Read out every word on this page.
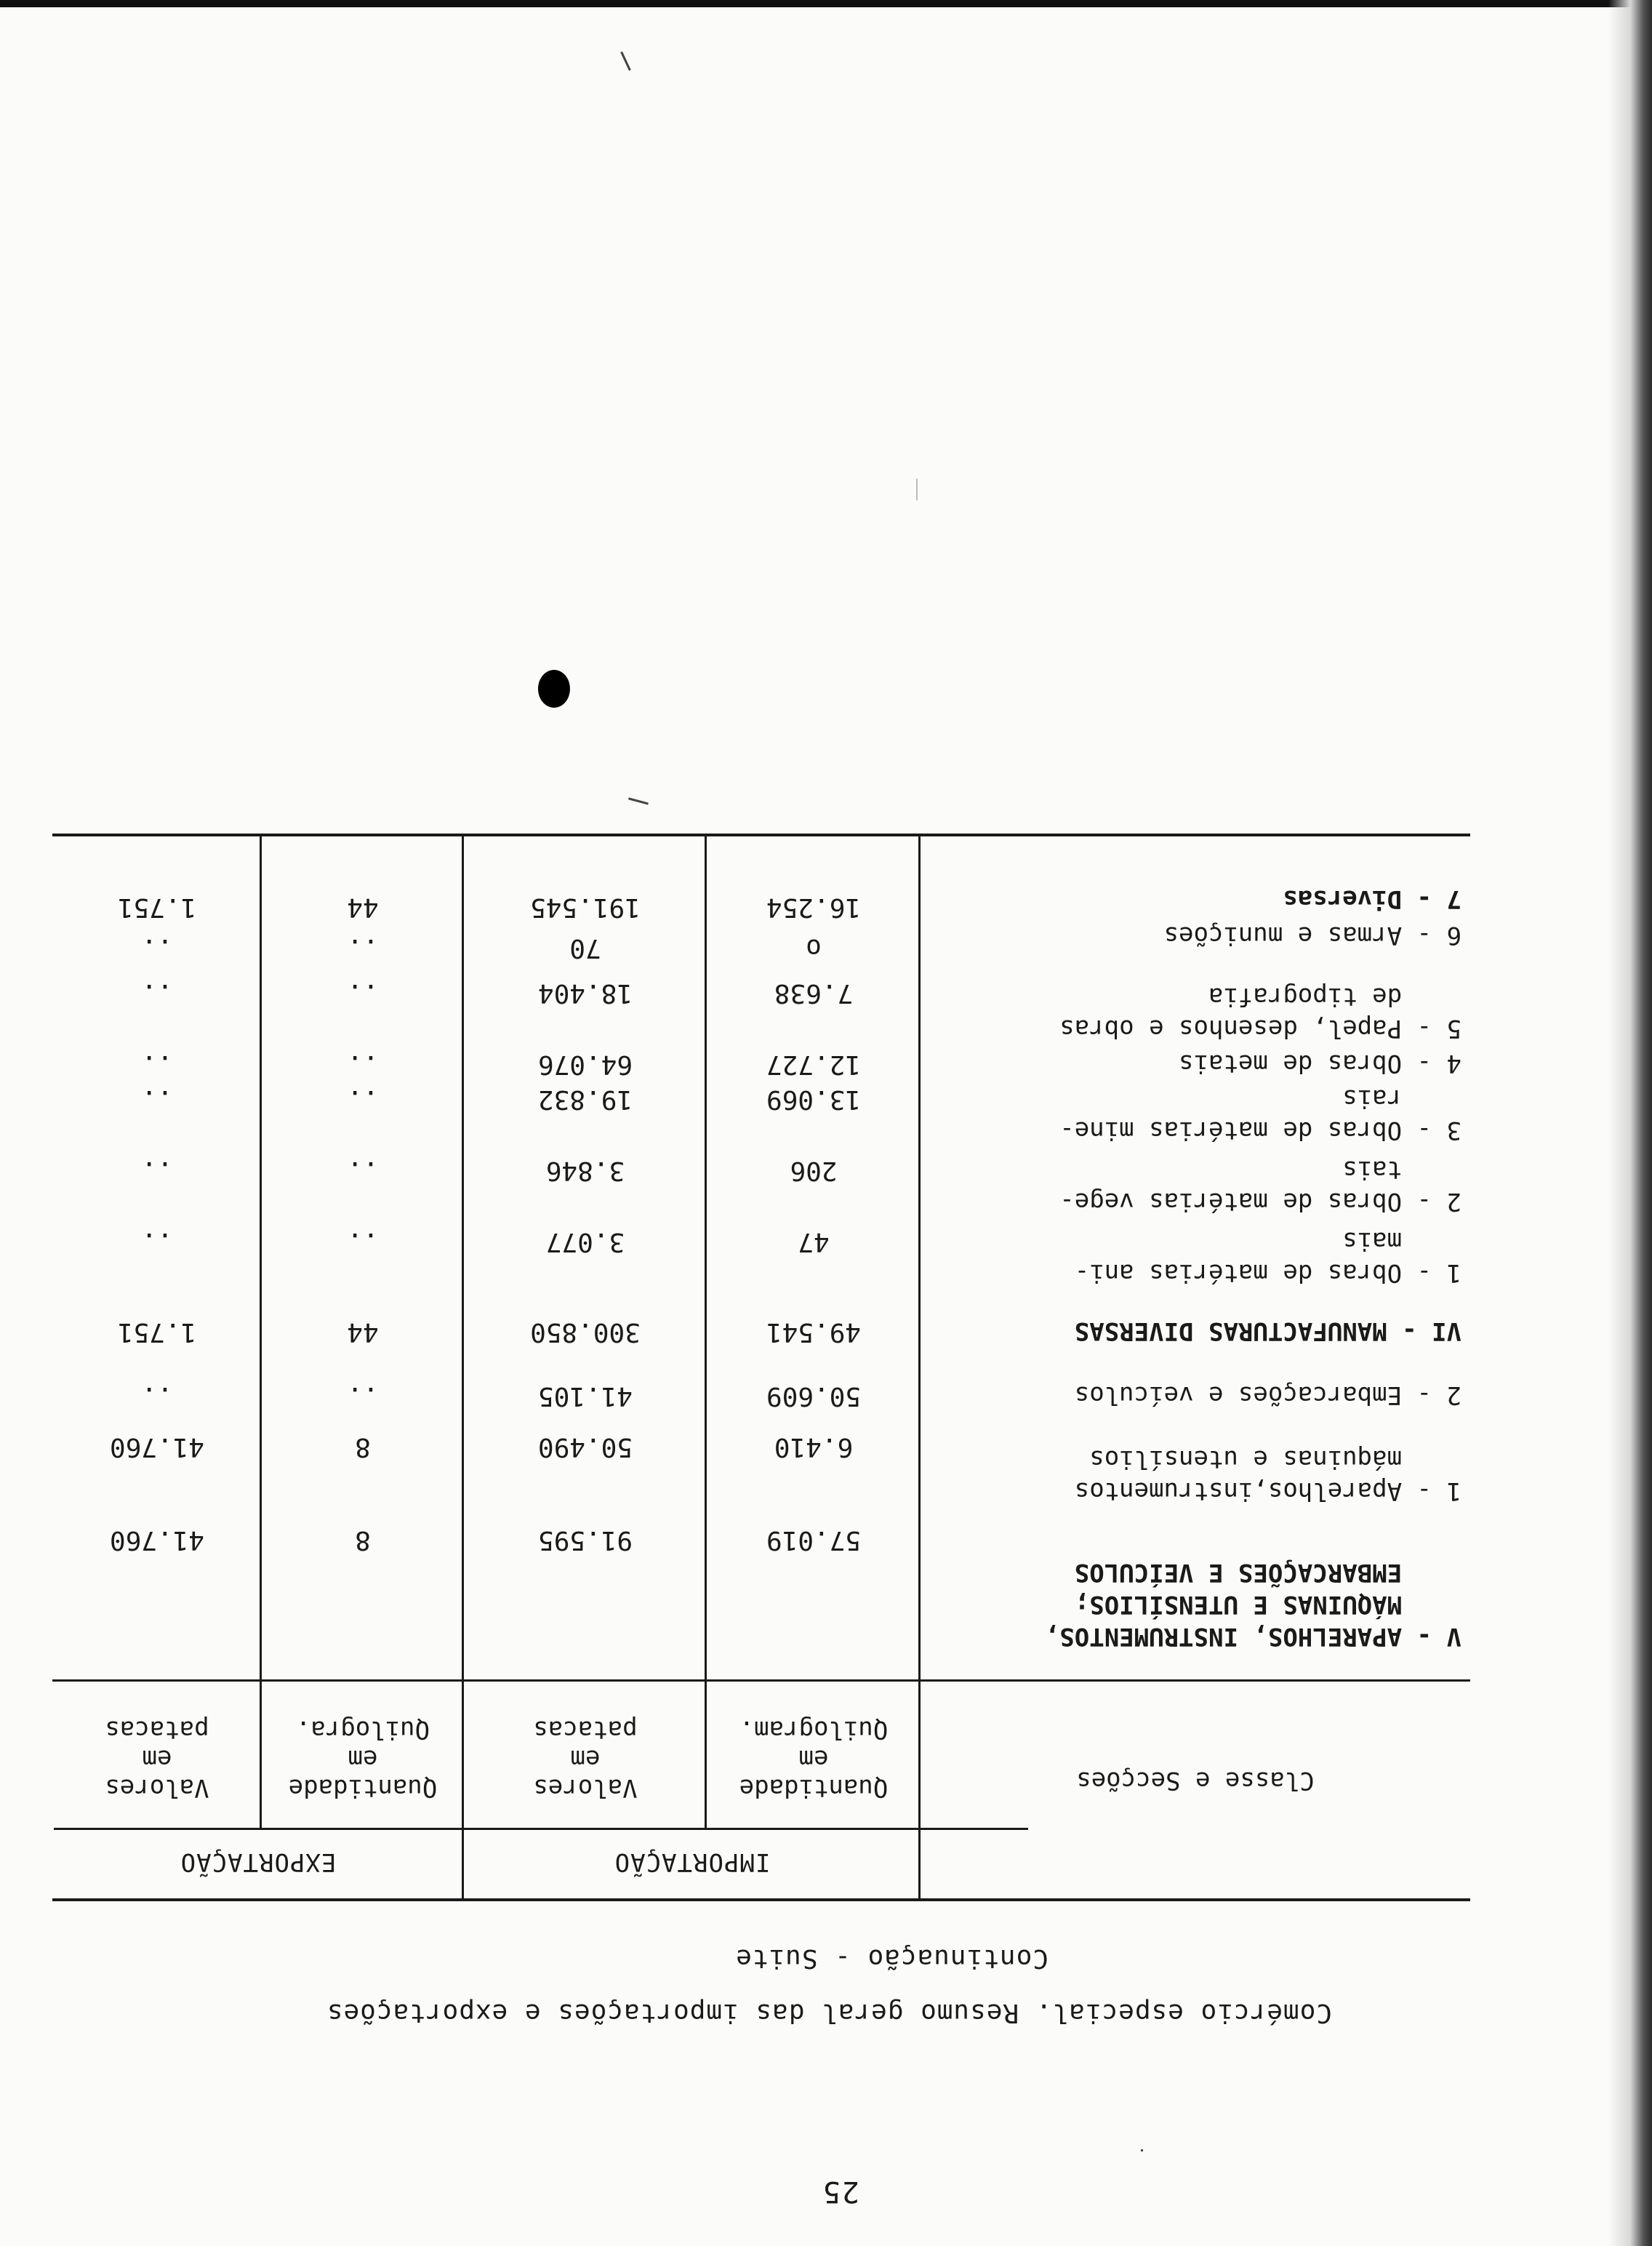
25
Comércio especial. Resumo geral das importações e exportações
Continuação - Suite
IMPORTAÇÃO
EXPORTAÇÃO
Classe e Secções
Quantidade
em
Quilogram.
Valores
em
patacas
Quantidade
em
Quilogra.
Valores
em
patacas
V - APARELHOS, INSTRUMENTOS,
MÁQUINAS E UTENSÍLIOS;
EMBARCAÇÕES E VEÍCULOS
57.019
91.595
8
41.760
1 - Aparelhos,instrumentos
máquinas e utensílios
6.410
50.490
8
41.760
2 - Embarcações e veículos
50.609
41.105
..
..
VI - MANUFACTURAS DIVERSAS
49.541
300.850
44
1.751
1 - Obras de matérias ani-
mais
47
3.077
..
..
2 - Obras de matérias vege-
tais
206
3.846
..
..
3 - Obras de matérias mine-
rais
13.069
19.832
..
..
4 - Obras de metais
12.727
64.076
..
..
5 - Papel, desenhos e obras
de tipografia
7.638
18.404
..
..
6 - Armas e munições
o
70
..
..
7 - Diversas
16.254
191.545
44
1.751
